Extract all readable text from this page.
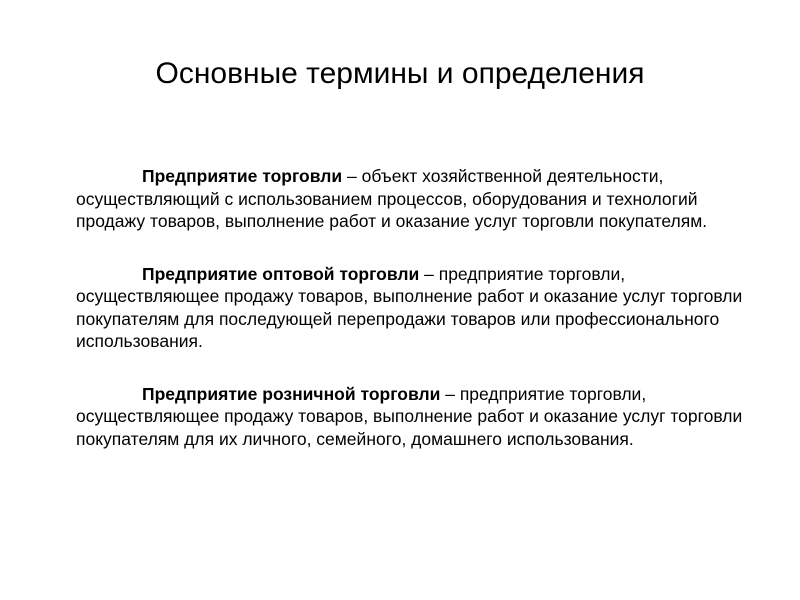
Основные термины и определения

Предприятие торговли – объект хозяйственной деятельности, осуществляющий с использованием процессов, оборудования и технологий продажу товаров, выполнение работ и оказание услуг торговли покупателям.

Предприятие оптовой торговли – предприятие торговли, осуществляющее продажу товаров, выполнение работ и оказание услуг торговли покупателям для последующей перепродажи товаров или профессионального использования.

Предприятие розничной торговли – предприятие торговли, осуществляющее продажу товаров, выполнение работ и оказание услуг торговли покупателям для их личного, семейного, домашнего использования.
